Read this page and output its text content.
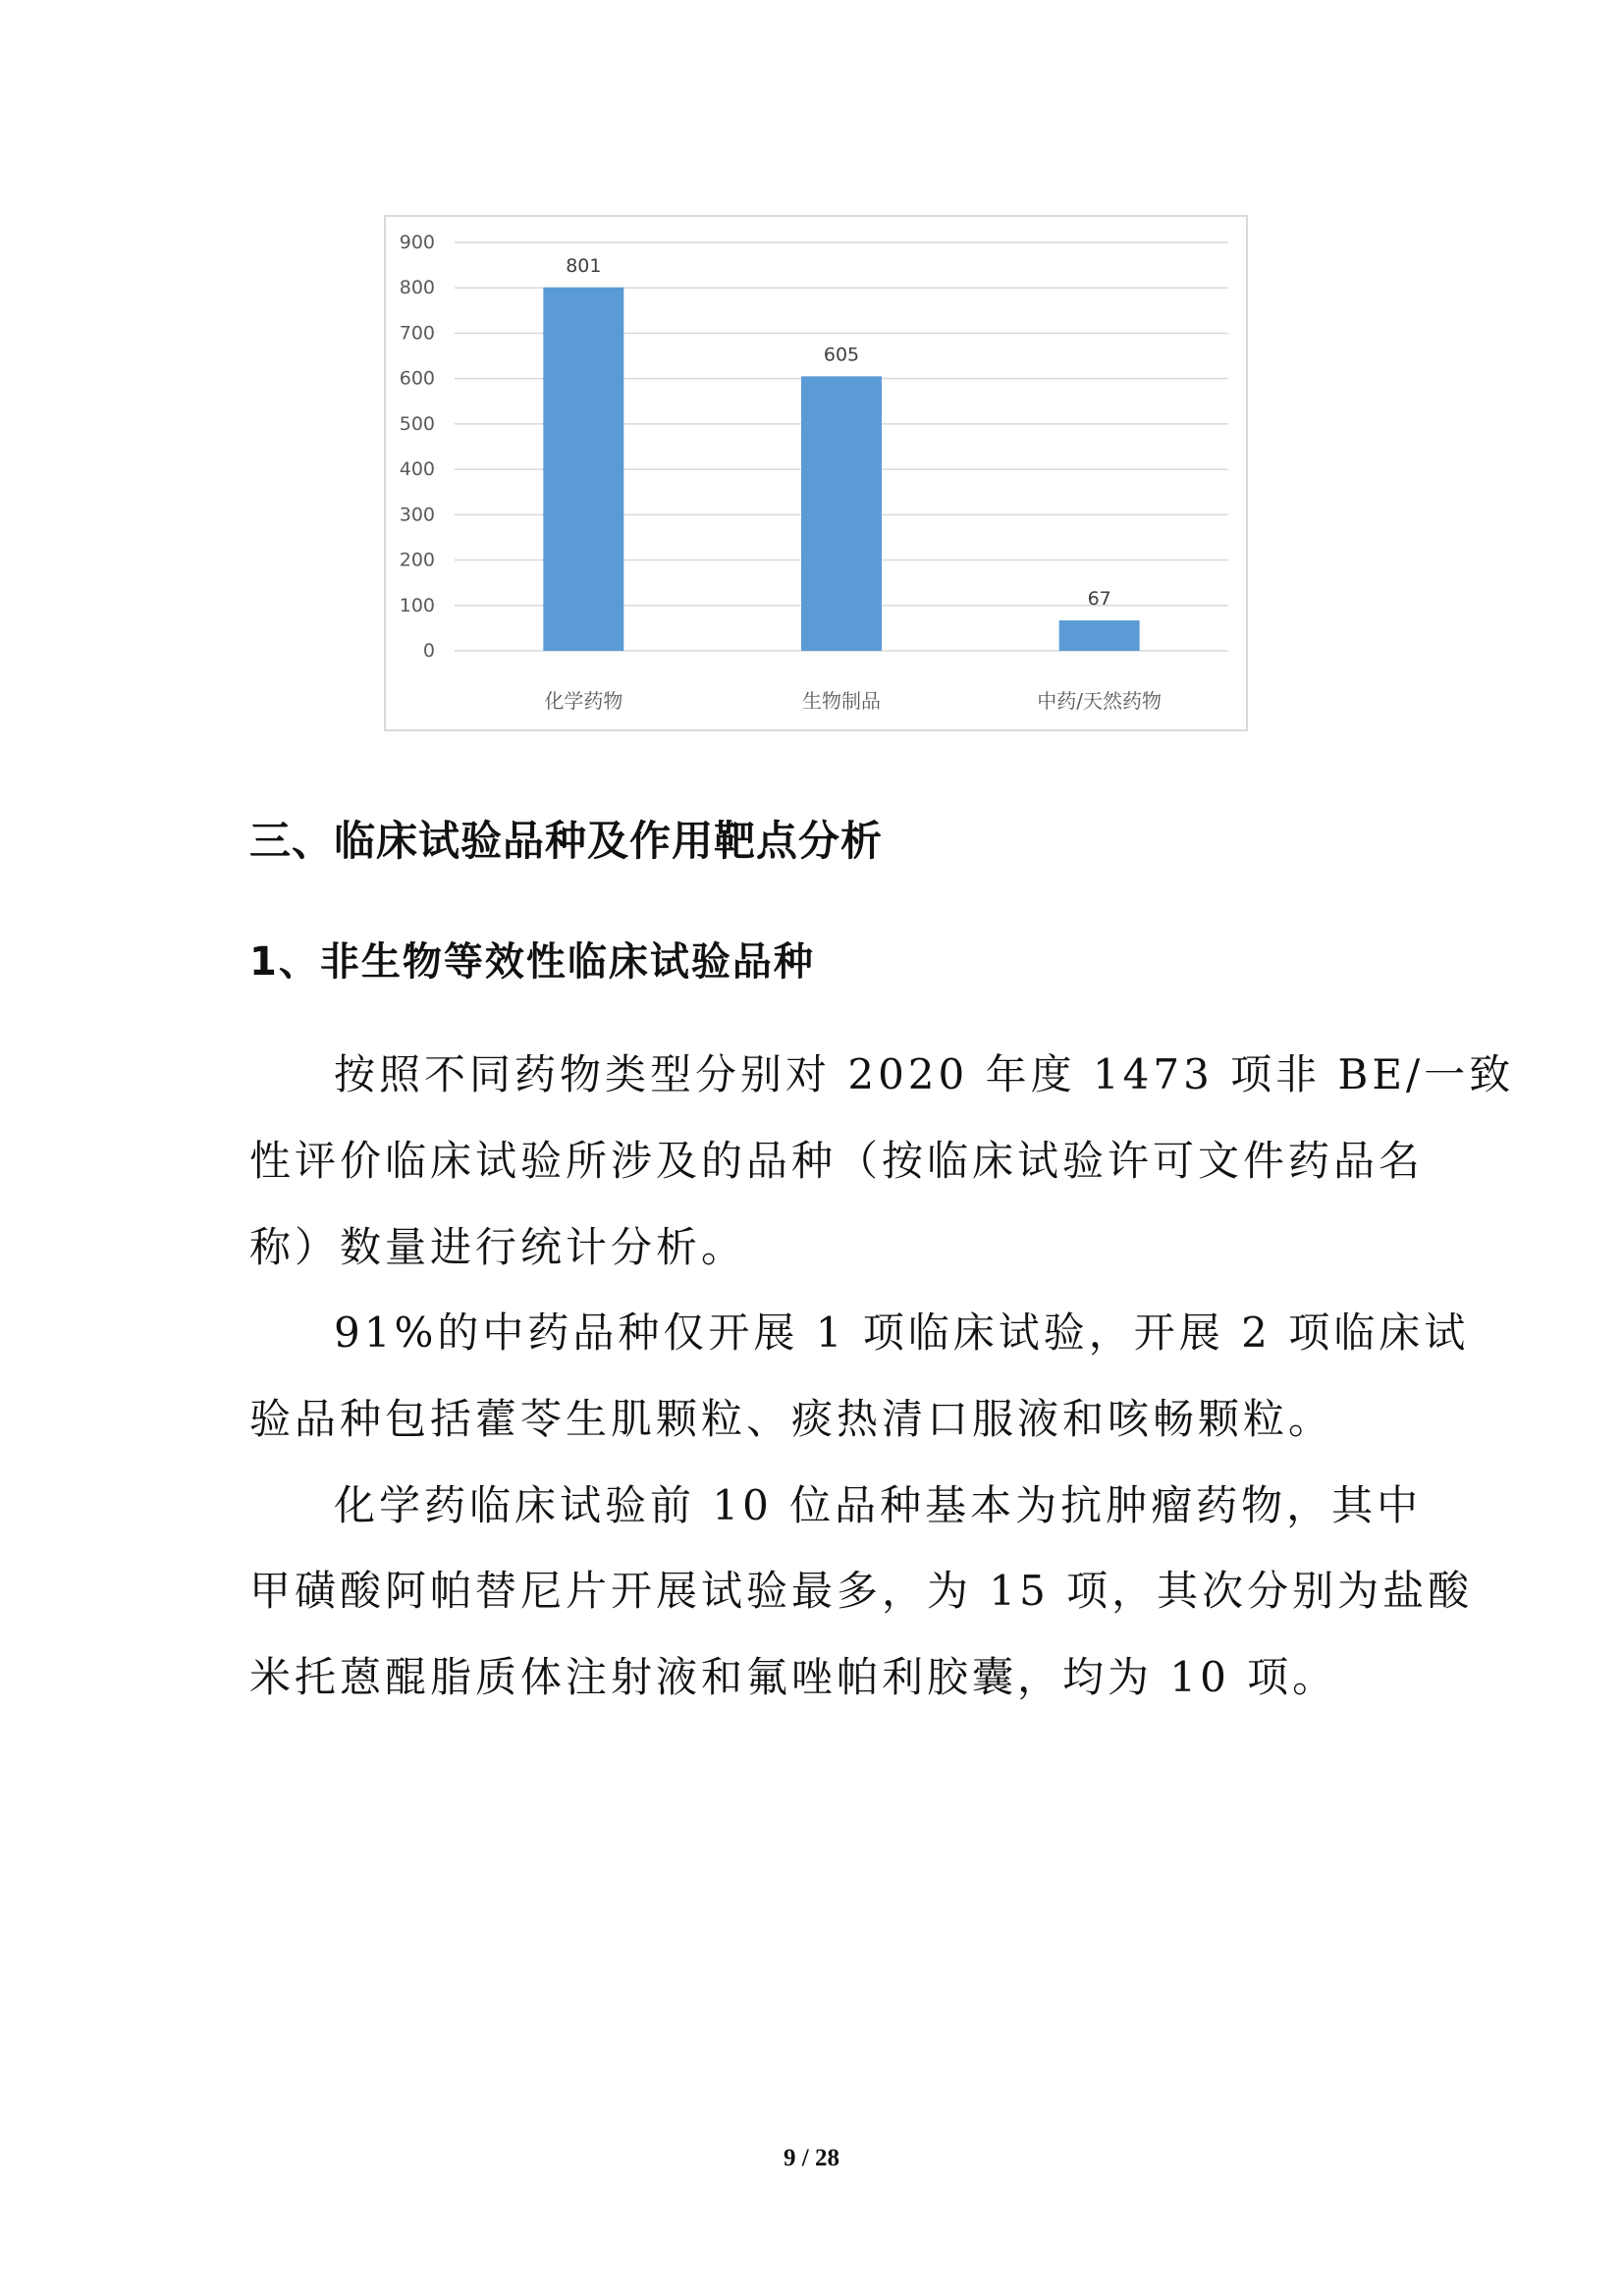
0
100
200
300
400
500
600
700
800
900
801
化学药物
605
生物制品
67
中药/天然药物
三、临床试验品种及作用靶点分析
1、非生物等效性临床试验品种

按照不同药物类型分别对 2020 年度 1473 项非 BE/一致

性评价临床试验所涉及的品种（按临床试验许可文件药品名

称）数量进行统计分析。

91%的中药品种仅开展 1 项临床试验，开展 2 项临床试

验品种包括藿苓生肌颗粒、痰热清口服液和咳畅颗粒。

化学药临床试验前 10 位品种基本为抗肿瘤药物，其中

甲磺酸阿帕替尼片开展试验最多，为 15 项，其次分别为盐酸

米托蒽醌脂质体注射液和氟唑帕利胶囊，均为 10 项。

9 / 28
